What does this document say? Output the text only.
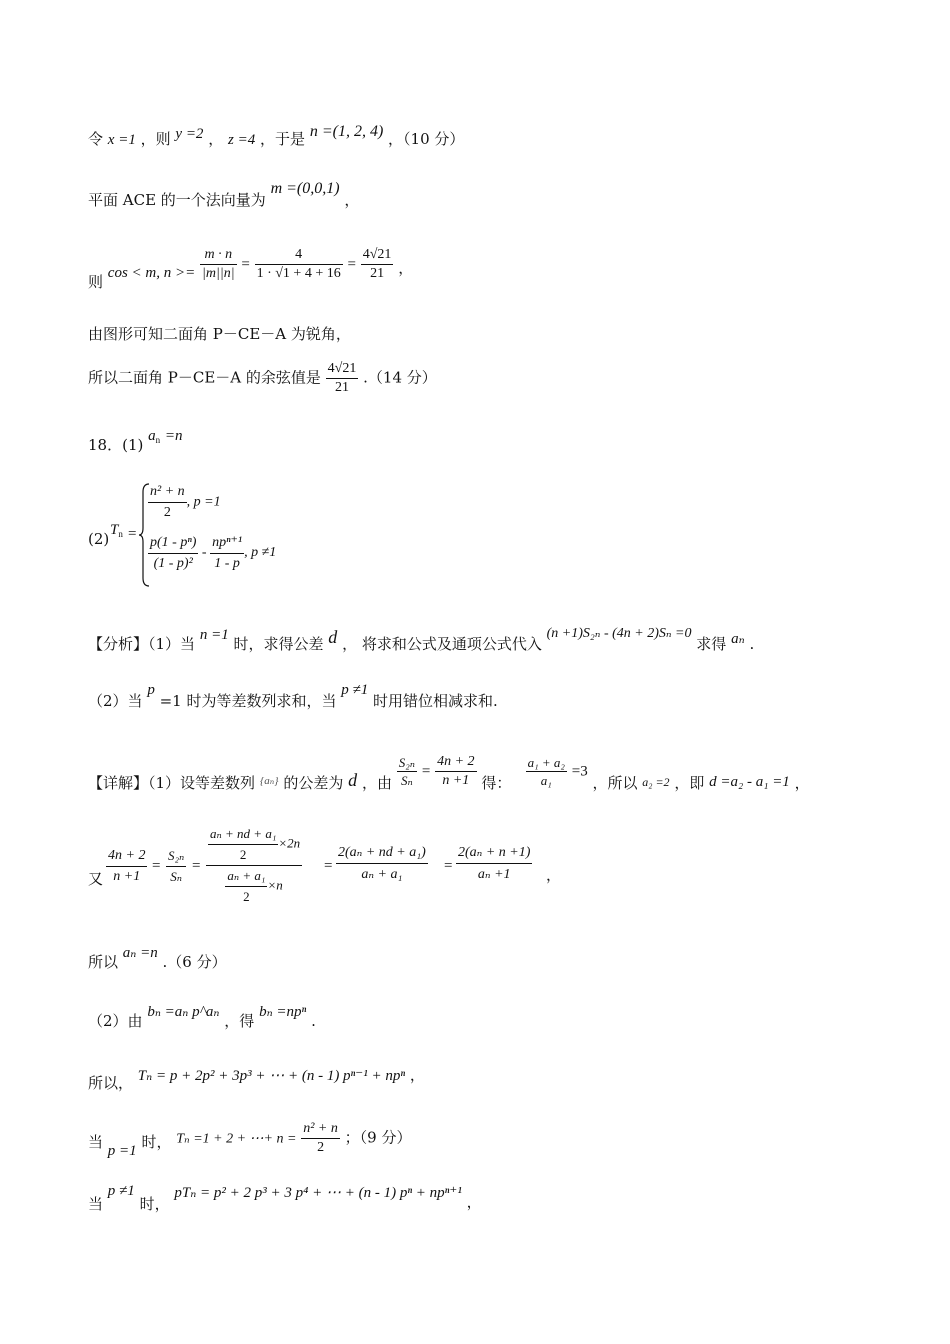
令 x =1 ，则 y =2 ， z =4 ，于是 n =(1, 2, 4) ，（10 分）
平面 ACE 的一个法向量为 m =(0,0,1) ，
则 cos < m, $n >= \frac{m \cdot n}{|m||n|} = \frac{4}{1 \cdot √1 + 4 + 16} = \frac{4√21}{21}$ ，
由图形可知二面角 P－CE－A 为锐角，
所以二面角 P－CE－A 的余弦值是 $\frac{4√21}{21} .(14$ 分）
18．(1) $a_n =n$
(2) $T_n$ =
$\frac{\text{n² + n}}{2}$ , p =1
$\frac{\text{p(1 - pⁿ)}}{\text{(1 - p)²}} - \frac{\text{npⁿ⁺¹}}{1 - p}$ , p ≠1
【分析】（1）当 n =1 时，求得公差 d ， 将求和公式及通项公式代入 (n +1)S₂ₙ - (4n + 2)Sₙ =0 求得 aₙ .
（2）当 p =1 时为等差数列求和，当 p ≠1 时用错位相减求和.
【详解】（1）设等差数列 $_{\{a_n\}}$ 的公差为 d ，由 $\frac{\text{S₂ₙ}}{\text{Sₙ}} = \frac{4n + 2}{n +1}$ 得： $\frac{\text{a₁ + a₂}}{\text{a₁}} =3$ ，所以 $_{a_2 =2}$ ，即 d =a₂ - a₁ =1 ，
又 $\frac{4n + 2}{n +1} = \frac{\text{S₂ₙ}}{\text{Sₙ}} = \frac{\frac{\text{aₙ + nd + a₁}}{2} \times 2n}{\frac{\text{aₙ + a₁}}{2} \times n} = \frac{\text{2(aₙ + nd + a₁)}}{\text{aₙ + a₁}} = \frac{\text{2(aₙ + n +1)}}{\text{aₙ +1}}$ ，
所以 aₙ =n .（6 分）
（2）由 bₙ =aₙ p^aₙ ，得 bₙ =npⁿ .
所以， Tₙ = p + 2p² + 3p³ + ⋯ + (n - 1) pⁿ⁻¹ + npⁿ ，
当 p =1 时， Tₙ =1 + 2 + ⋯+ $n = \frac{\text{n² + n}}{2}$ ；（9 分）
当 p ≠1 时， pTₙ = p² + 2 p³ + 3 p⁴ + ⋯ + (n - 1) pⁿ + npⁿ⁺¹ ，
